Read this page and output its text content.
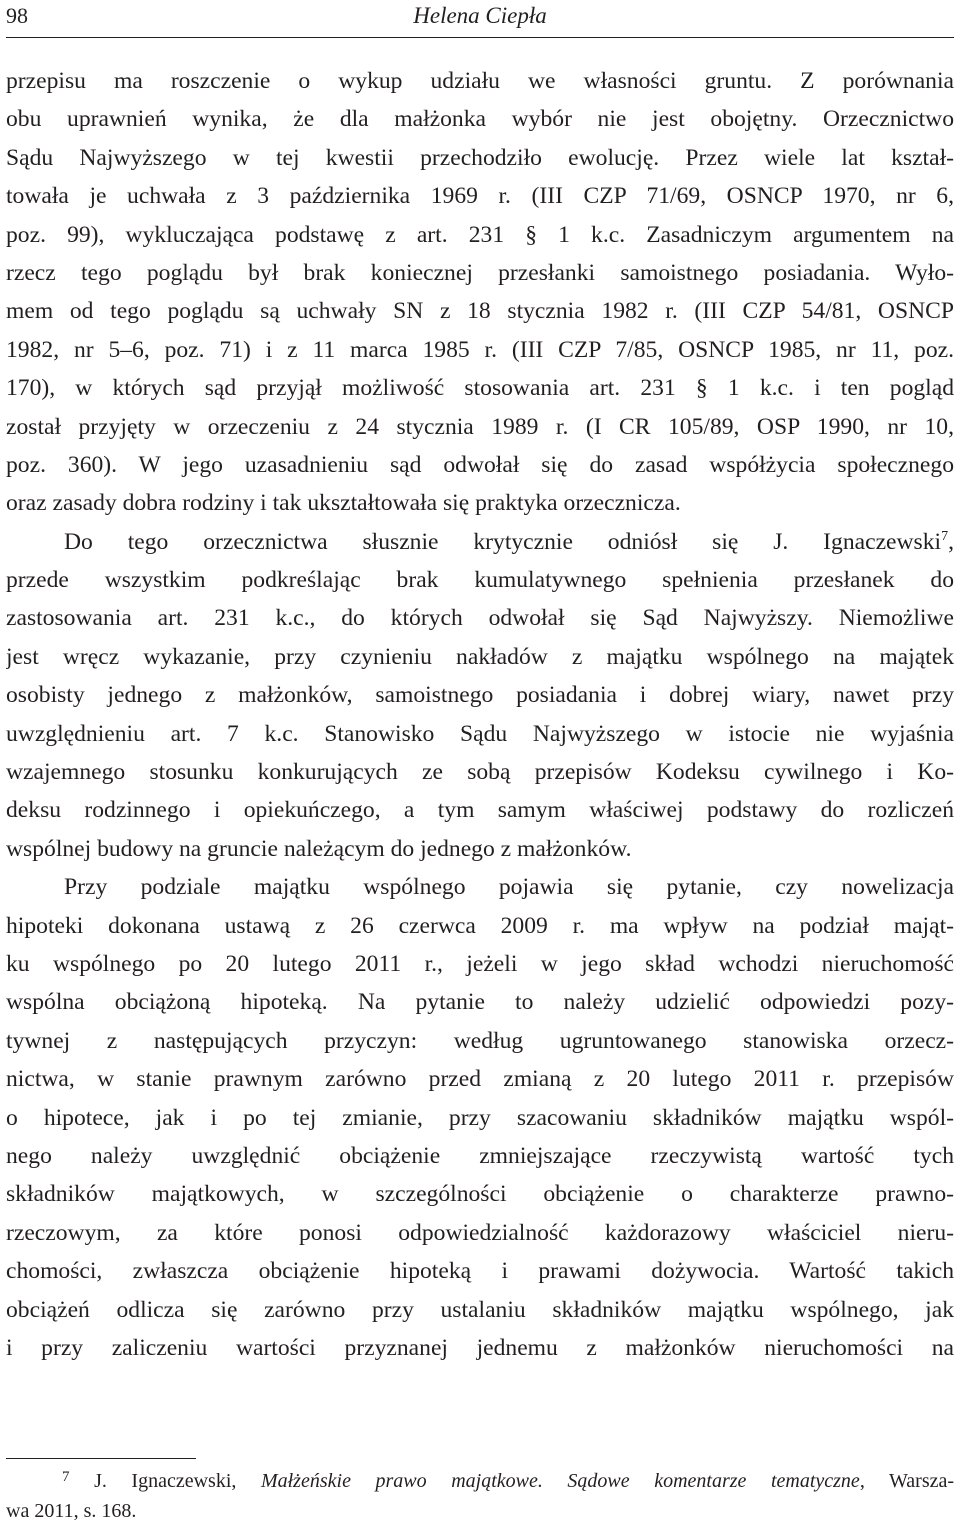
98	Helena Ciepła
przepisu ma roszczenie o wykup udziału we własności gruntu. Z porównania
obu uprawnień wynika, że dla małżonka wybór nie jest obojętny. Orzecznictwo
Sądu Najwyższego w tej kwestii przechodziło ewolucję. Przez wiele lat kształ-
towała je uchwała z 3 października 1969 r. (III CZP 71/69, OSNCP 1970, nr 6,
poz. 99), wykluczająca podstawę z art. 231 § 1 k.c. Zasadniczym argumentem na
rzecz tego poglądu był brak koniecznej przesłanki samoistnego posiadania. Wyło-
mem od tego poglądu są uchwały SN z 18 stycznia 1982 r. (III CZP 54/81, OSNCP
1982, nr 5–6, poz. 71) i z 11 marca 1985 r. (III CZP 7/85, OSNCP 1985, nr 11, poz.
170), w których sąd przyjął możliwość stosowania art. 231 § 1 k.c. i ten pogląd
został przyjęty w orzeczeniu z 24 stycznia 1989 r. (I CR 105/89, OSP 1990, nr 10,
poz. 360). W jego uzasadnieniu sąd odwołał się do zasad współżycia społecznego
oraz zasady dobra rodziny i tak ukształtowała się praktyka orzecznicza.
Do tego orzecznictwa słusznie krytycznie odniósł się J. Ignaczewski$^7$,
przede wszystkim podkreślając brak kumulatywnego spełnienia przesłanek do
zastosowania art. 231 k.c., do których odwołał się Sąd Najwyższy. Niemożliwe
jest wręcz wykazanie, przy czynieniu nakładów z majątku wspólnego na majątek
osobisty jednego z małżonków, samoistnego posiadania i dobrej wiary, nawet przy
uwzględnieniu art. 7 k.c. Stanowisko Sądu Najwyższego w istocie nie wyjaśnia
wzajemnego stosunku konkurujących ze sobą przepisów Kodeksu cywilnego i Ko-
deksu rodzinnego i opiekuńczego, a tym samym właściwej podstawy do rozliczeń
wspólnej budowy na gruncie należącym do jednego z małżonków.
Przy podziale majątku wspólnego pojawia się pytanie, czy nowelizacja
hipoteki dokonana ustawą z 26 czerwca 2009 r. ma wpływ na podział mająt-
ku wspólnego po 20 lutego 2011 r., jeżeli w jego skład wchodzi nieruchomość
wspólna obciążoną hipoteką. Na pytanie to należy udzielić odpowiedzi pozy-
tywnej z następujących przyczyn: według ugruntowanego stanowiska orzecz-
nictwa, w stanie prawnym zarówno przed zmianą z 20 lutego 2011 r. przepisów
o hipotece, jak i po tej zmianie, przy szacowaniu składników majątku wspól-
nego należy uwzględnić obciążenie zmniejszające rzeczywistą wartość tych
składników majątkowych, w szczególności obciążenie o charakterze prawno-
rzeczowym, za które ponosi odpowiedzialność każdorazowy właściciel nieru-
chomości, zwłaszcza obciążenie hipoteką i prawami dożywocia. Wartość takich
obciążeń odlicza się zarówno przy ustalaniu składników majątku wspólnego, jak
i przy zaliczeniu wartości przyznanej jednemu z małżonków nieruchomości na
$^7$ J. Ignaczewski, Małżeńskie prawo majątkowe. Sądowe komentarze tematyczne, Warsza-
wa 2011, s. 168.
